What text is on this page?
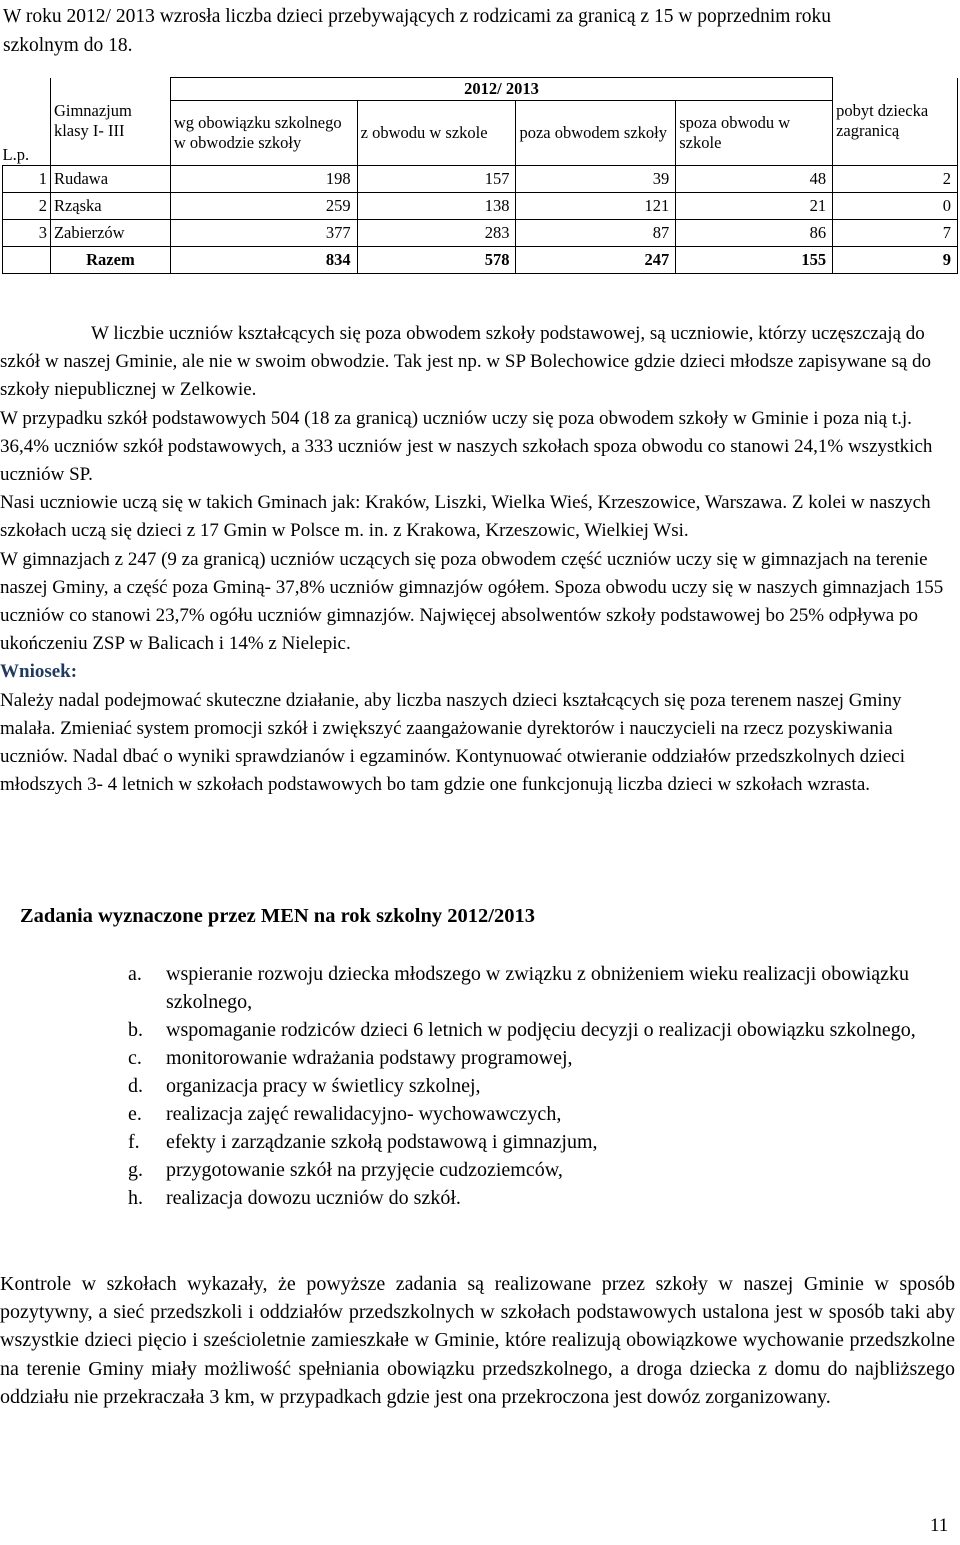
W roku 2012/ 2013 wzrosła liczba dzieci przebywających z rodzicami za granicą z 15 w poprzednim roku szkolnym do 18.
L.p.	Gimnazjum klasy I- III	2012/ 2013				pobyt dziecka zagranicą
		wg obowiązku szkolnego w obwodzie szkoły	z obwodu w szkole	poza obwodem szkoły	spoza obwodu w szkole	
1	Rudawa	198	157	39	48	2
2	Rząska	259	138	121	21	0
3	Zabierzów	377	283	87	86	7
	Razem	834	578	247	155	9

W liczbie uczniów kształcących się poza obwodem szkoły podstawowej, są uczniowie, którzy uczęszczają do szkół w naszej Gminie, ale nie w swoim obwodzie. Tak jest np. w SP Bolechowice gdzie dzieci młodsze zapisywane są do szkoły niepublicznej w Zelkowie.

W przypadku szkół podstawowych 504 (18 za granicą) uczniów uczy się poza obwodem szkoły w Gminie i poza nią t.j. 36,4% uczniów szkół podstawowych, a 333 uczniów jest w naszych szkołach spoza obwodu co stanowi 24,1% wszystkich uczniów SP.

Nasi uczniowie uczą się w takich Gminach jak: Kraków, Liszki, Wielka Wieś, Krzeszowice, Warszawa. Z kolei w naszych szkołach uczą się dzieci z 17 Gmin w Polsce m. in. z Krakowa, Krzeszowic, Wielkiej Wsi.

W gimnazjach z 247 (9 za granicą) uczniów uczących się poza obwodem część uczniów uczy się w gimnazjach na terenie naszej Gminy, a część poza Gminą- 37,8% uczniów gimnazjów ogółem. Spoza obwodu uczy się w naszych gimnazjach 155 uczniów co stanowi 23,7% ogółu uczniów gimnazjów. Najwięcej absolwentów szkoły podstawowej bo 25% odpływa po ukończeniu ZSP w Balicach i 14% z Nielepic.

Wniosek:

Należy nadal podejmować skuteczne działanie, aby liczba naszych dzieci kształcących się poza terenem naszej Gminy malała. Zmieniać system promocji szkół i zwiększyć zaangażowanie dyrektorów i nauczycieli na rzecz pozyskiwania uczniów. Nadal dbać o wyniki sprawdzianów i egzaminów. Kontynuować otwieranie oddziałów przedszkolnych dzieci młodszych 3- 4 letnich w szkołach podstawowych bo tam gdzie one funkcjonują liczba dzieci w szkołach wzrasta.

Zadania wyznaczone przez MEN na rok szkolny 2012/2013
a. wspieranie rozwoju dziecka młodszego w związku z obniżeniem wieku realizacji obowiązku szkolnego,
b. wspomaganie rodziców dzieci 6 letnich w podjęciu decyzji o realizacji obowiązku szkolnego,
c. monitorowanie wdrażania podstawy programowej,
d. organizacja pracy w świetlicy szkolnej,
e. realizacja zajęć rewalidacyjno- wychowawczych,
f. efekty i zarządzanie szkołą podstawową i gimnazjum,
g. przygotowanie szkół na przyjęcie cudzoziemców,
h. realizacja dowozu uczniów do szkół.
Kontrole w szkołach wykazały, że powyższe zadania są realizowane przez szkoły w naszej Gminie w sposób pozytywny, a sieć przedszkoli i oddziałów przedszkolnych w szkołach podstawowych ustalona jest w sposób taki aby wszystkie dzieci pięcio i sześcioletnie zamieszkałe w Gminie, które realizują obowiązkowe wychowanie przedszkolne na terenie Gminy miały możliwość spełniania obowiązku przedszkolnego, a droga dziecka z domu do najbliższego oddziału nie przekraczała 3 km, w przypadkach gdzie jest ona przekroczona jest dowóz zorganizowany.
11
